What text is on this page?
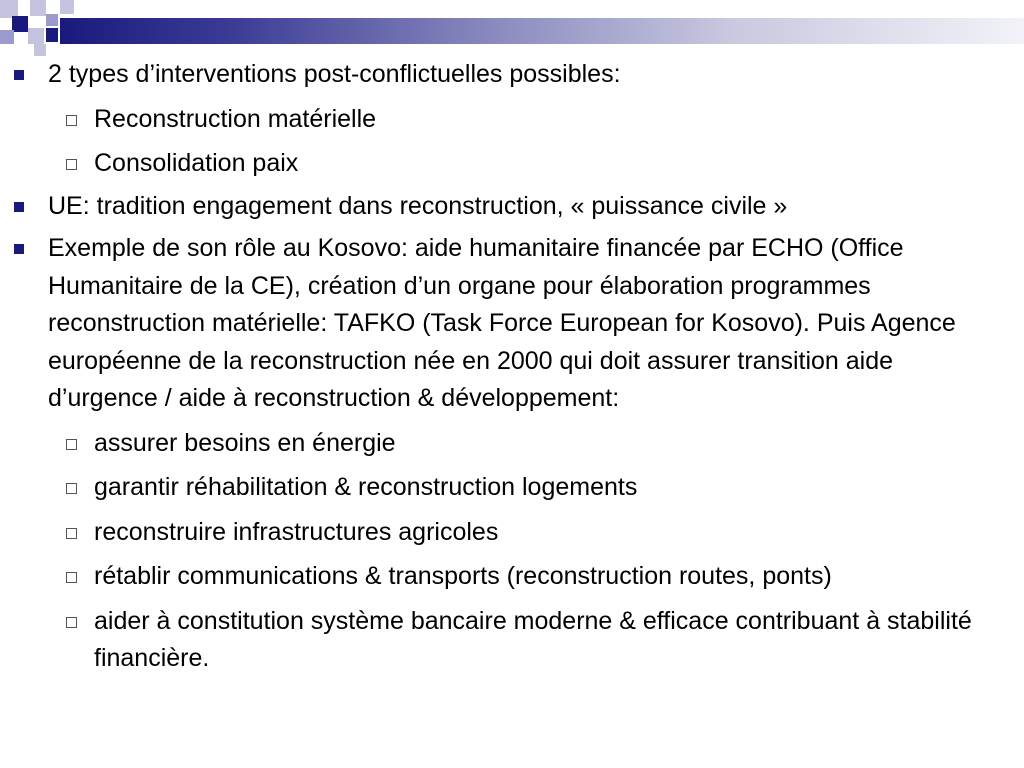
2 types d’interventions post-conflictuelles possibles:
Reconstruction matérielle
Consolidation paix
UE: tradition engagement dans reconstruction, « puissance civile »
Exemple de son rôle au Kosovo: aide humanitaire financée par ECHO (Office Humanitaire de la CE), création d’un organe pour élaboration programmes reconstruction matérielle: TAFKO (Task Force European for Kosovo). Puis Agence européenne de la reconstruction née en 2000 qui doit assurer transition aide d’urgence / aide à reconstruction & développement:
assurer besoins en énergie
garantir réhabilitation & reconstruction logements
reconstruire infrastructures agricoles
rétablir communications & transports (reconstruction routes, ponts)
aider à constitution système bancaire moderne & efficace contribuant à stabilité financière.
